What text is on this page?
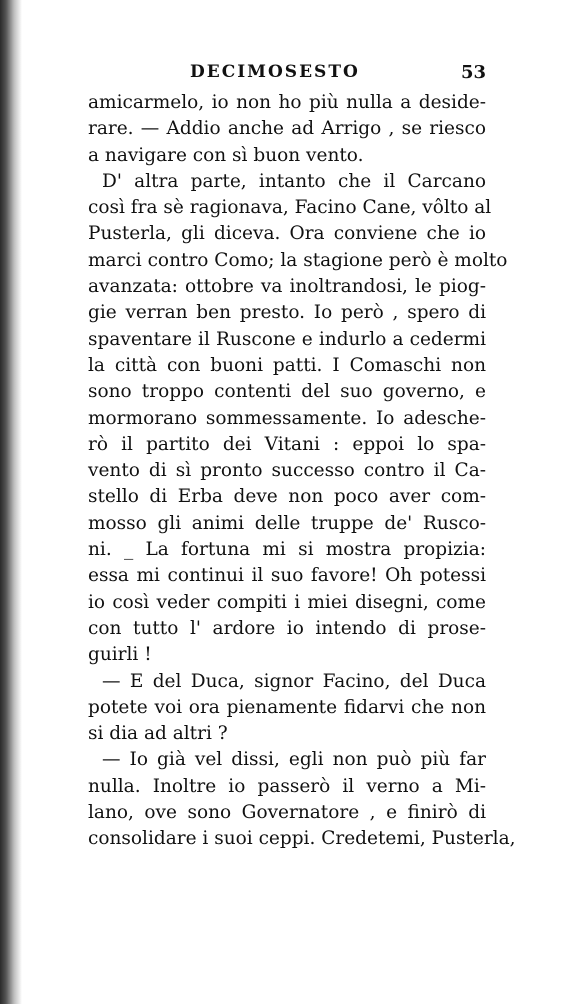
DECIMOSESTO	53
amicarmelo, io non ho più nulla a deside-
rare. — Addio anche ad Arrigo , se riesco
a navigare con sì buon vento.
D' altra parte, intanto che il Carcano
così fra sè ragionava, Facino Cane, vôlto al
Pusterla, gli diceva. Ora conviene che io
marci contro Como; la stagione però è molto
avanzata: ottobre va inoltrandosi, le piog-
gie verran ben presto. Io però , spero di
spaventare il Ruscone e indurlo a cedermi
la città con buoni patti. I Comaschi non
sono troppo contenti del suo governo, e
mormorano sommessamente. Io adesche-
rò il partito dei Vitani : eppoi lo spa-
vento di sì pronto successo contro il Ca-
stello di Erba deve non poco aver com-
mosso gli animi delle truppe de' Rusco-
ni. _ La fortuna mi si mostra propizia:
essa mi continui il suo favore! Oh potessi
io così veder compiti i miei disegni, come
con tutto l' ardore io intendo di prose-
guirli !
— E del Duca, signor Facino, del Duca
potete voi ora pienamente fidarvi che non
si dia ad altri ?
— Io già vel dissi, egli non può più far
nulla. Inoltre io passerò il verno a Mi-
lano, ove sono Governatore , e finirò di
consolidare i suoi ceppi. Credetemi, Pusterla,
